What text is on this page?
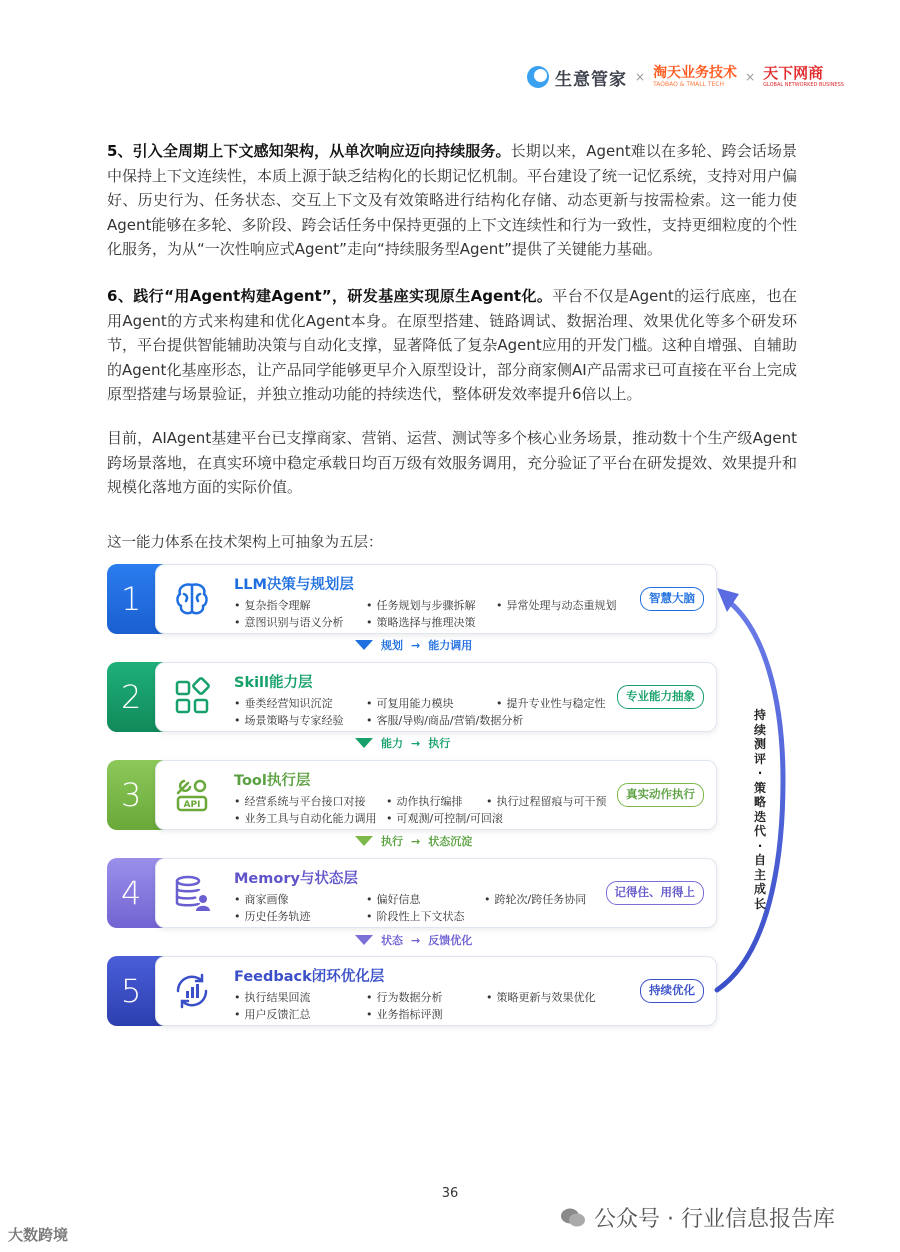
生意管家 × 淘天业务技术
TAOBAO & TMALL TECH
× 天下网商
GLOBAL NETWORKED BUSINESS
5、引入全周期上下文感知架构，从单次响应迈向持续服务。长期以来，Agent难以在多轮、跨会话场景中保持上下文连续性，本质上源于缺乏结构化的长期记忆机制。平台建设了统一记忆系统，支持对用户偏好、历史行为、任务状态、交互上下文及有效策略进行结构化存储、动态更新与按需检索。这一能力使Agent能够在多轮、多阶段、跨会话任务中保持更强的上下文连续性和行为一致性，支持更细粒度的个性化服务，为从“一次性响应式Agent”走向“持续服务型Agent”提供了关键能力基础。
6、践行“用Agent构建Agent”，研发基座实现原生Agent化。平台不仅是Agent的运行底座，也在用Agent的方式来构建和优化Agent本身。在原型搭建、链路调试、数据治理、效果优化等多个研发环节，平台提供智能辅助决策与自动化支撑，显著降低了复杂Agent应用的开发门槛。这种自增强、自辅助的Agent化基座形态，让产品同学能够更早介入原型设计，部分商家侧AI产品需求已可直接在平台上完成原型搭建与场景验证，并独立推动功能的持续迭代，整体研发效率提升6倍以上。
目前，AIAgent基建平台已支撑商家、营销、运营、测试等多个核心业务场景，推动数十个生产级Agent跨场景落地，在真实环境中稳定承载日均百万级有效服务调用，充分验证了平台在研发提效、效果提升和规模化落地方面的实际价值。
这一能力体系在技术架构上可抽象为五层：
1	LLM决策与规划层
• 复杂指令理解	• 任务规划与步骤拆解	• 异常处理与动态重规划
• 意图识别与语义分析	• 策略选择与推理决策
智慧大脑
规划 → 能力调用
2	Skill能力层
• 垂类经营知识沉淀	• 可复用能力模块	• 提升专业性与稳定性
• 场景策略与专家经验	• 客服/导购/商品/营销/数据分析
专业能力抽象
能力 → 执行
3	API
Tool执行层
• 经营系统与平台接口对接	• 动作执行编排	• 执行过程留痕与可干预
• 业务工具与自动化能力调用	• 可观测/可控制/可回滚
真实动作执行
执行 → 状态沉淀
4	Memory与状态层
• 商家画像	• 偏好信息	• 跨轮次/跨任务协同
• 历史任务轨迹	• 阶段性上下文状态
记得住、用得上
状态 → 反馈优化
5	Feedback闭环优化层
• 执行结果回流	• 行为数据分析	• 策略更新与效果优化
• 用户反馈汇总	• 业务指标评测
持续优化
持续测评·策略迭代·自主成长
36
公众号 · 行业信息报告库
大数跨境
